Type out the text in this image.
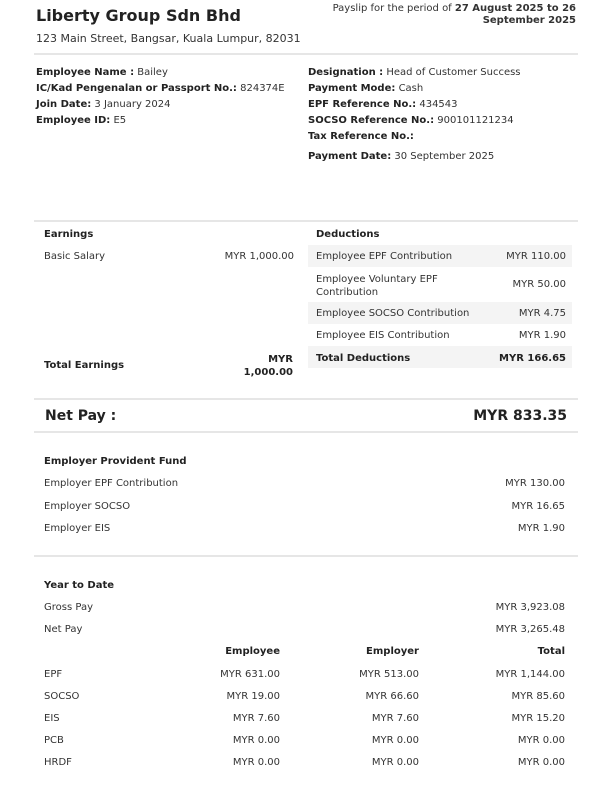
Liberty Group Sdn Bhd
123 Main Street, Bangsar, Kuala Lumpur, 82031
Payslip for the period of 27 August 2025 to 26
September 2025
Employee Name : Bailey
IC/Kad Pengenalan or Passport No.: 824374E
Join Date: 3 January 2024
Employee ID: E5
Designation : Head of Customer Success
Payment Mode: Cash
EPF Reference No.: 434543
SOCSO Reference No.: 900101121234
Tax Reference No.:
Payment Date: 30 September 2025
Earnings
Basic Salary	MYR 1,000.00
Total Earnings
MYR
1,000.00
Deductions
Employee EPF Contribution	MYR 110.00
Employee Voluntary EPF
Contribution
MYR 50.00
Employee SOCSO Contribution	MYR 4.75
Employee EIS Contribution	MYR 1.90
Total Deductions	MYR 166.65
Net Pay :	MYR 833.35
Employer Provident Fund
Employer EPF Contribution	MYR 130.00
Employer SOCSO	MYR 16.65
Employer EIS	MYR 1.90
Year to Date
Gross Pay	MYR 3,923.08
Net Pay	MYR 3,265.48
Employee	Employer	Total
EPF	MYR 631.00	MYR 513.00	MYR 1,144.00
SOCSO	MYR 19.00	MYR 66.60	MYR 85.60
EIS	MYR 7.60	MYR 7.60	MYR 15.20
PCB	MYR 0.00	MYR 0.00	MYR 0.00
HRDF	MYR 0.00	MYR 0.00	MYR 0.00
